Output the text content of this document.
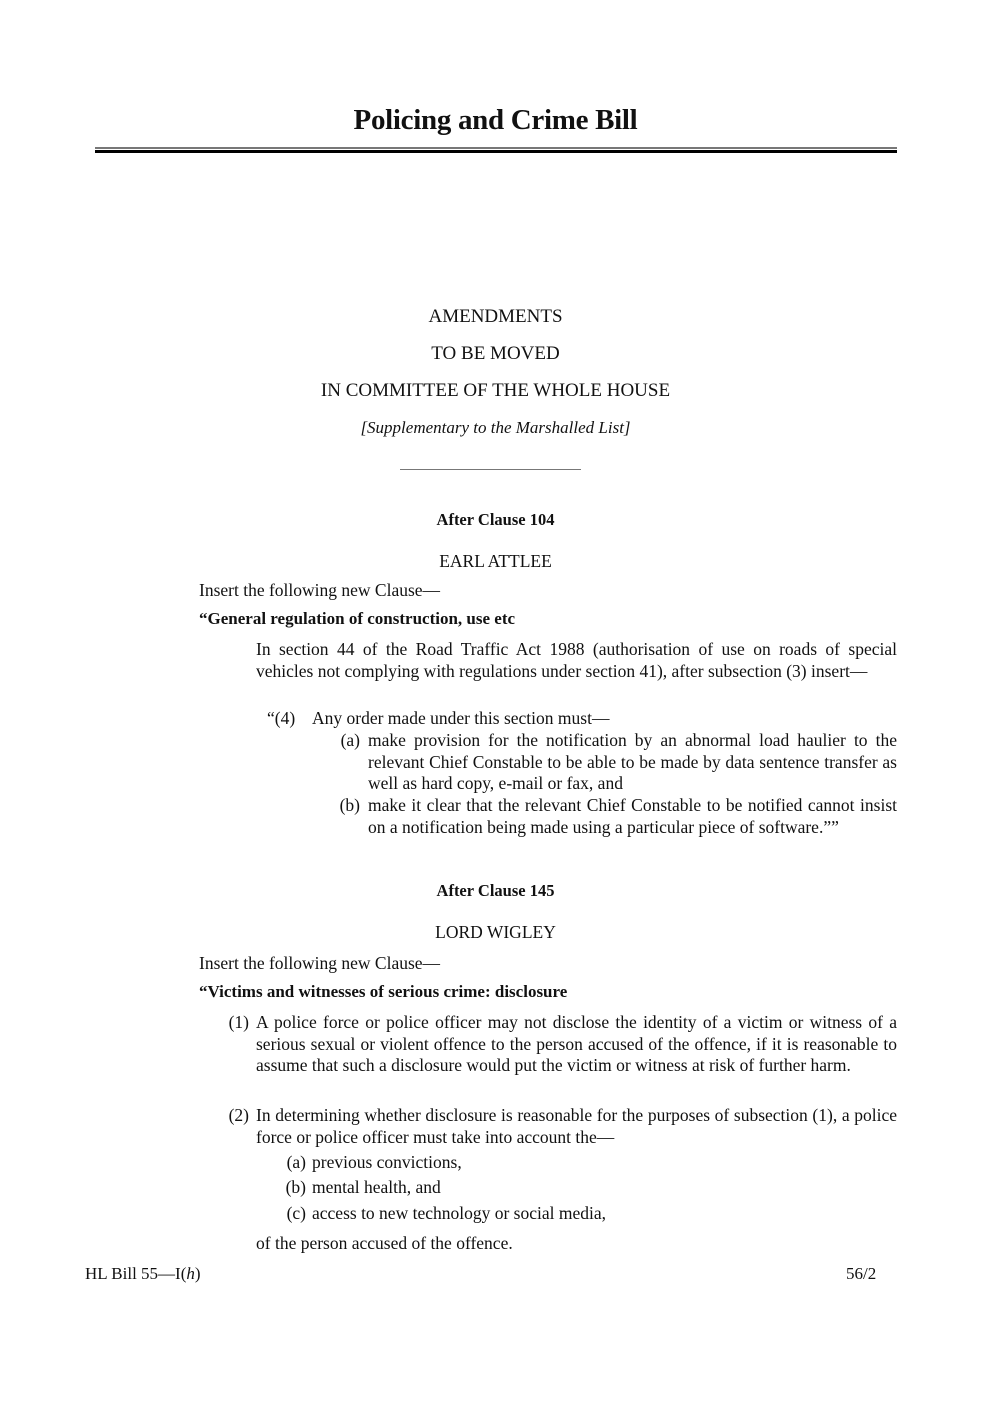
Policing and Crime Bill
AMENDMENTS
TO BE MOVED
IN COMMITTEE OF THE WHOLE HOUSE
[Supplementary to the Marshalled List]
After Clause 104
EARL ATTLEE
Insert the following new Clause—
“General regulation of construction, use etc
In section 44 of the Road Traffic Act 1988 (authorisation of use on roads of special vehicles not complying with regulations under section 41), after subsection (3) insert—
“(4) Any order made under this section must—
(a) make provision for the notification by an abnormal load haulier to the relevant Chief Constable to be able to be made by data sentence transfer as well as hard copy, e-mail or fax, and
(b) make it clear that the relevant Chief Constable to be notified cannot insist on a notification being made using a particular piece of software.””
After Clause 145
LORD WIGLEY
Insert the following new Clause—
“Victims and witnesses of serious crime: disclosure
(1) A police force or police officer may not disclose the identity of a victim or witness of a serious sexual or violent offence to the person accused of the offence, if it is reasonable to assume that such a disclosure would put the victim or witness at risk of further harm.
(2) In determining whether disclosure is reasonable for the purposes of subsection (1), a police force or police officer must take into account the—
(a) previous convictions,
(b) mental health, and
(c) access to new technology or social media,
of the person accused of the offence.
HL Bill 55—I(h)	56/2
